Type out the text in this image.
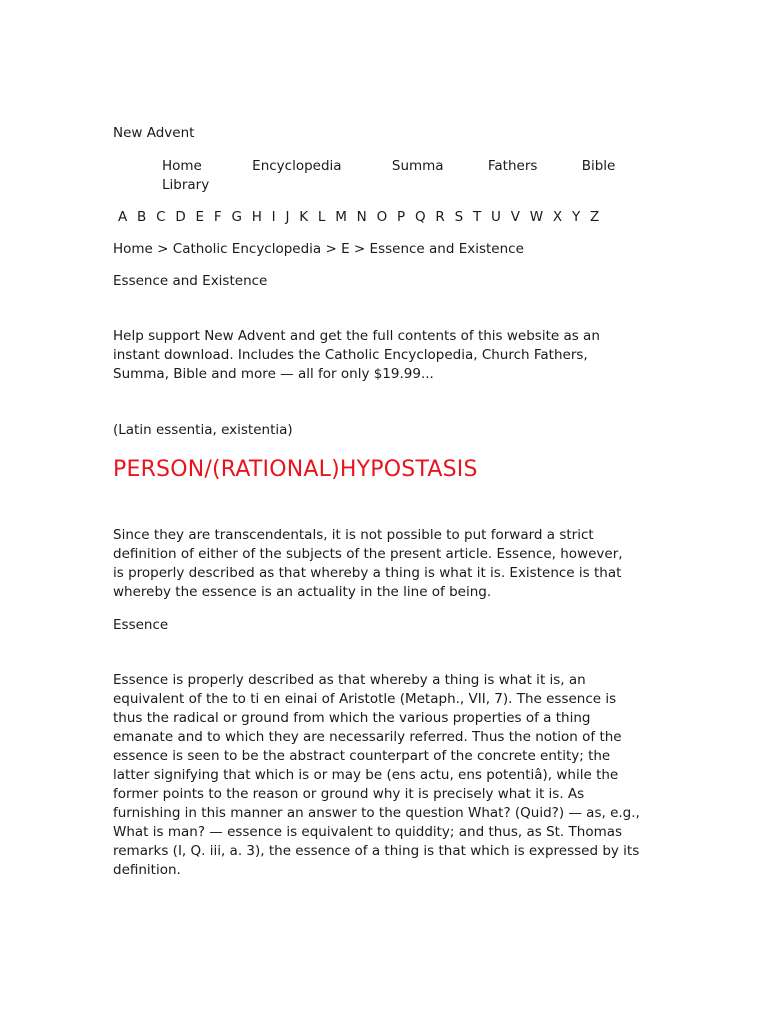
New Advent
Home	Encyclopedia	Summa	Fathers	Bible
Library
A B C D E F G H I J K L M N O P Q R S T U V W X Y Z
Home > Catholic Encyclopedia > E > Essence and Existence
Essence and Existence
Help support New Advent and get the full contents of this website as an instant download. Includes the Catholic Encyclopedia, Church Fathers, Summa, Bible and more — all for only $19.99...
(Latin essentia, existentia)
PERSON/(RATIONAL)HYPOSTASIS
Since they are transcendentals, it is not possible to put forward a strict definition of either of the subjects of the present article. Essence, however, is properly described as that whereby a thing is what it is. Existence is that whereby the essence is an actuality in the line of being.
Essence
Essence is properly described as that whereby a thing is what it is, an equivalent of the to ti en einai of Aristotle (Metaph., VII, 7). The essence is thus the radical or ground from which the various properties of a thing emanate and to which they are necessarily referred. Thus the notion of the essence is seen to be the abstract counterpart of the concrete entity; the latter signifying that which is or may be (ens actu, ens potentiâ), while the former points to the reason or ground why it is precisely what it is. As furnishing in this manner an answer to the question What? (Quid?) — as, e.g., What is man? — essence is equivalent to quiddity; and thus, as St. Thomas remarks (I, Q. iii, a. 3), the essence of a thing is that which is expressed by its definition.
